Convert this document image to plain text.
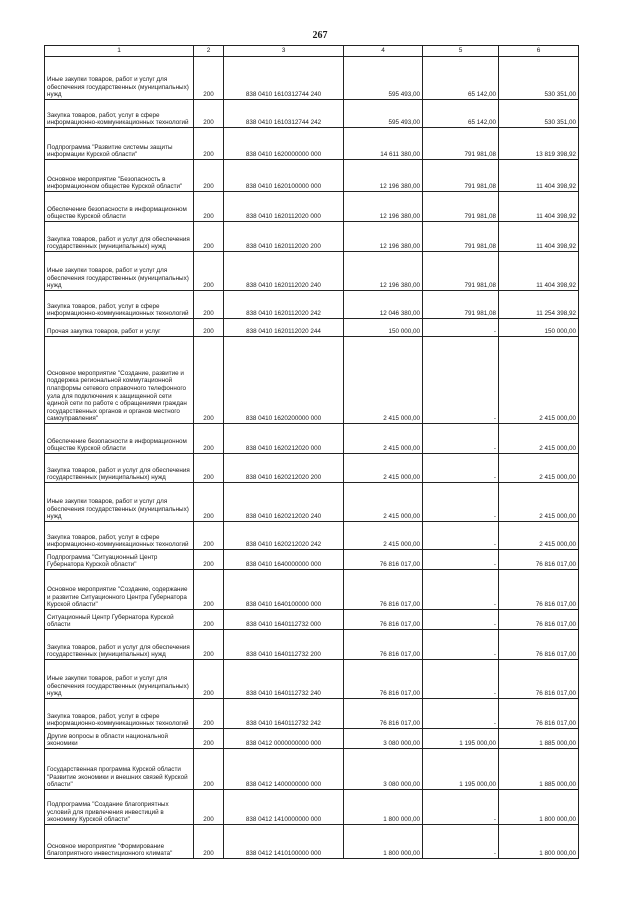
267
1	2	3	4	5	6
Иные закупки товаров, работ и услуг для обеспечения государственных (муниципальных) нужд	200	838 0410 1610312744 240	595 493,00	65 142,00	530 351,00
Закупка товаров, работ, услуг в сфере информационно-коммуникационных технологий	200	838 0410 1610312744 242	595 493,00	65 142,00	530 351,00
Подпрограмма "Развитие системы защиты информации Курской области"	200	838 0410 1620000000 000	14 611 380,00	791 981,08	13 819 398,92
Основное мероприятие "Безопасность в информационном обществе Курской области"	200	838 0410 1620100000 000	12 196 380,00	791 981,08	11 404 398,92
Обеспечение безопасности в информационном обществе Курской области	200	838 0410 1620112020 000	12 196 380,00	791 981,08	11 404 398,92
Закупка товаров, работ и услуг для обеспечения государственных (муниципальных) нужд	200	838 0410 1620112020 200	12 196 380,00	791 981,08	11 404 398,92
Иные закупки товаров, работ и услуг для обеспечения государственных (муниципальных) нужд	200	838 0410 1620112020 240	12 196 380,00	791 981,08	11 404 398,92
Закупка товаров, работ, услуг в сфере информационно-коммуникационных технологий	200	838 0410 1620112020 242	12 046 380,00	791 981,08	11 254 398,92
Прочая закупка товаров, работ и услуг	200	838 0410 1620112020 244	150 000,00	-	150 000,00
Основное мероприятие "Создание, развитие и поддержка региональной коммутационной платформы сетевого справочного телефонного узла для подключения к защищенной сети единой сети по работе с обращениями граждан государственных органов и органов местного самоуправления"	200	838 0410 1620200000 000	2 415 000,00	-	2 415 000,00
Обеспечение безопасности в информационном обществе Курской области	200	838 0410 1620212020 000	2 415 000,00	-	2 415 000,00
Закупка товаров, работ и услуг для обеспечения государственных (муниципальных) нужд	200	838 0410 1620212020 200	2 415 000,00	-	2 415 000,00
Иные закупки товаров, работ и услуг для обеспечения государственных (муниципальных) нужд	200	838 0410 1620212020 240	2 415 000,00	-	2 415 000,00
Закупка товаров, работ, услуг в сфере информационно-коммуникационных технологий	200	838 0410 1620212020 242	2 415 000,00	-	2 415 000,00
Подпрограмма "Ситуационный Центр Губернатора Курской области"	200	838 0410 1640000000 000	76 816 017,00	-	76 816 017,00
Основное мероприятие "Создание, содержание и развитие Ситуационного Центра Губернатора Курской области"	200	838 0410 1640100000 000	76 816 017,00	-	76 816 017,00
Ситуационный Центр Губернатора Курской области	200	838 0410 1640112732 000	76 816 017,00	-	76 816 017,00
Закупка товаров, работ и услуг для обеспечения государственных (муниципальных) нужд	200	838 0410 1640112732 200	76 816 017,00	-	76 816 017,00
Иные закупки товаров, работ и услуг для обеспечения государственных (муниципальных) нужд	200	838 0410 1640112732 240	76 816 017,00	-	76 816 017,00
Закупка товаров, работ, услуг в сфере информационно-коммуникационных технологий	200	838 0410 1640112732 242	76 816 017,00	-	76 816 017,00
Другие вопросы в области национальной экономики	200	838 0412 0000000000 000	3 080 000,00	1 195 000,00	1 885 000,00
Государственная программа Курской области "Развитие экономики и внешних связей Курской области"	200	838 0412 1400000000 000	3 080 000,00	1 195 000,00	1 885 000,00
Подпрограмма "Создание благоприятных условий для привлечения инвестиций в экономику Курской области"	200	838 0412 1410000000 000	1 800 000,00	-	1 800 000,00
Основное мероприятие "Формирование благоприятного инвестиционного климата"	200	838 0412 1410100000 000	1 800 000,00	-	1 800 000,00
